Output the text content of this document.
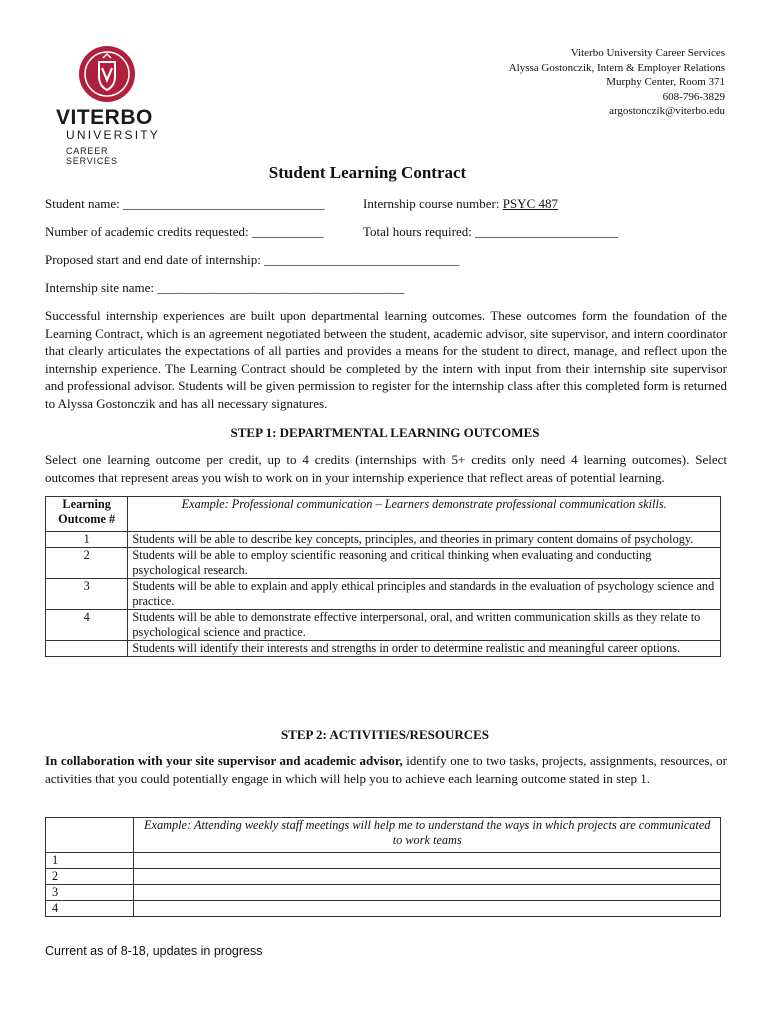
VITERBO
UNIVERSITY
CAREER SERVICES
Viterbo University Career Services
Alyssa Gostonczik, Intern & Employer Relations
Murphy Center, Room 371
608-796-3829
argostonczik@viterbo.edu
Student Learning Contract
Student name: _______________________________	Internship course number: PSYC 487
Number of academic credits requested: ___________	Total hours required: ______________________
Proposed start and end date of internship: ______________________________
Internship site name: ______________________________________
Successful internship experiences are built upon departmental learning outcomes. These outcomes form the foundation of the Learning Contract, which is an agreement negotiated between the student, academic advisor, site supervisor, and intern coordinator that clearly articulates the expectations of all parties and provides a means for the student to direct, manage, and reflect upon the internship experience. The Learning Contract should be completed by the intern with input from their internship site supervisor and professional advisor. Students will be given permission to register for the internship class after this completed form is returned to Alyssa Gostonczik and has all necessary signatures.
STEP 1: DEPARTMENTAL LEARNING OUTCOMES
Select one learning outcome per credit, up to 4 credits (internships with 5+ credits only need 4 learning outcomes). Select outcomes that represent areas you wish to work on in your internship experience that reflect areas of potential learning.
Learning Outcome #	Example: Professional communication – Learners demonstrate professional communication skills.
1	Students will be able to describe key concepts, principles, and theories in primary content domains of psychology.
2	Students will be able to employ scientific reasoning and critical thinking when evaluating and conducting psychological research.
3	Students will be able to explain and apply ethical principles and standards in the evaluation of psychology science and practice.
4	Students will be able to demonstrate effective interpersonal, oral, and written communication skills as they relate to psychological science and practice.
	Students will identify their interests and strengths in order to determine realistic and meaningful career options.
STEP 2: ACTIVITIES/RESOURCES
In collaboration with your site supervisor and academic advisor, identify one to two tasks, projects, assignments, resources, or activities that you could potentially engage in which will help you to achieve each learning outcome stated in step 1.
	Example: Attending weekly staff meetings will help me to understand the ways in which projects are communicated to work teams
1	
2	
3	
4	
Current as of 8-18, updates in progress
